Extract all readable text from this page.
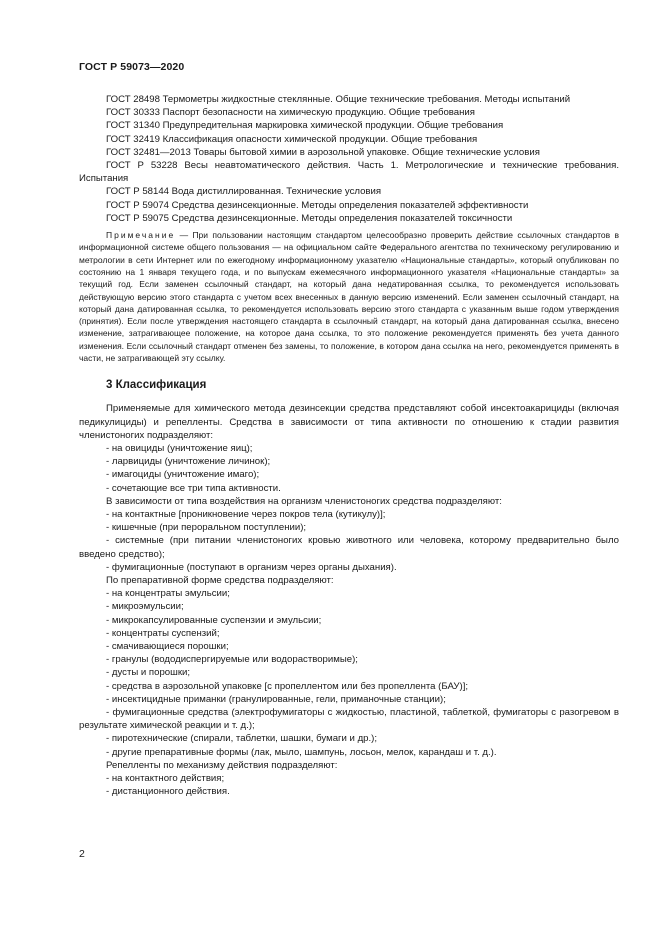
ГОСТ Р 59073—2020

ГОСТ 28498 Термометры жидкостные стеклянные. Общие технические требования. Методы испытаний

ГОСТ 30333 Паспорт безопасности на химическую продукцию. Общие требования

ГОСТ 31340 Предупредительная маркировка химической продукции. Общие требования

ГОСТ 32419 Классификация опасности химической продукции. Общие требования

ГОСТ 32481—2013 Товары бытовой химии в аэрозольной упаковке. Общие технические условия

ГОСТ Р 53228 Весы неавтоматического действия. Часть 1. Метрологические и технические требования. Испытания

ГОСТ Р 58144 Вода дистиллированная. Технические условия

ГОСТ Р 59074 Средства дезинсекционные. Методы определения показателей эффективности

ГОСТ Р 59075 Средства дезинсекционные. Методы определения показателей токсичности

Примечание — При пользовании настоящим стандартом целесообразно проверить действие ссылочных стандартов в информационной системе общего пользования — на официальном сайте Федерального агентства по техническому регулированию и метрологии в сети Интернет или по ежегодному информационному указателю «Национальные стандарты», который опубликован по состоянию на 1 января текущего года, и по выпускам ежемесячного информационного указателя «Национальные стандарты» за текущий год. Если заменен ссылочный стандарт, на который дана недатированная ссылка, то рекомендуется использовать действующую версию этого стандарта с учетом всех внесенных в данную версию изменений. Если заменен ссылочный стандарт, на который дана датированная ссылка, то рекомендуется использовать версию этого стандарта с указанным выше годом утверждения (принятия). Если после утверждения настоящего стандарта в ссылочный стандарт, на который дана датированная ссылка, внесено изменение, затрагивающее положение, на которое дана ссылка, то это положение рекомендуется применять без учета данного изменения. Если ссылочный стандарт отменен без замены, то положение, в котором дана ссылка на него, рекомендуется применять в части, не затрагивающей эту ссылку.

3 Классификация

Применяемые для химического метода дезинсекции средства представляют собой инсектоакарициды (включая педикулициды) и репелленты. Средства в зависимости от типа активности по отношению к стадии развития членистоногих подразделяют:

- на овициды (уничтожение яиц);

- ларвициды (уничтожение личинок);

- имагоциды (уничтожение имаго);

- сочетающие все три типа активности.

В зависимости от типа воздействия на организм членистоногих средства подразделяют:

- на контактные [проникновение через покров тела (кутикулу)];

- кишечные (при пероральном поступлении);

- системные (при питании членистоногих кровью животного или человека, которому предварительно было введено средство);

- фумигационные (поступают в организм через органы дыхания).

По препаративной форме средства подразделяют:

- на концентраты эмульсии;

- микроэмульсии;

- микрокапсулированные суспензии и эмульсии;

- концентраты суспензий;

- смачивающиеся порошки;

- гранулы (вододиспергируемые или водорастворимые);

- дусты и порошки;

- средства в аэрозольной упаковке [с пропеллентом или без пропеллента (БАУ)];

- инсектицидные приманки (гранулированные, гели, приманочные станции);

- фумигационные средства (электрофумигаторы с жидкостью, пластиной, таблеткой, фумигаторы с разогревом в результате химической реакции и т. д.);

- пиротехнические (спирали, таблетки, шашки, бумаги и др.);

- другие препаративные формы (лак, мыло, шампунь, лосьон, мелок, карандаш и т. д.).

Репелленты по механизму действия подразделяют:

- на контактного действия;

- дистанционного действия.

2
